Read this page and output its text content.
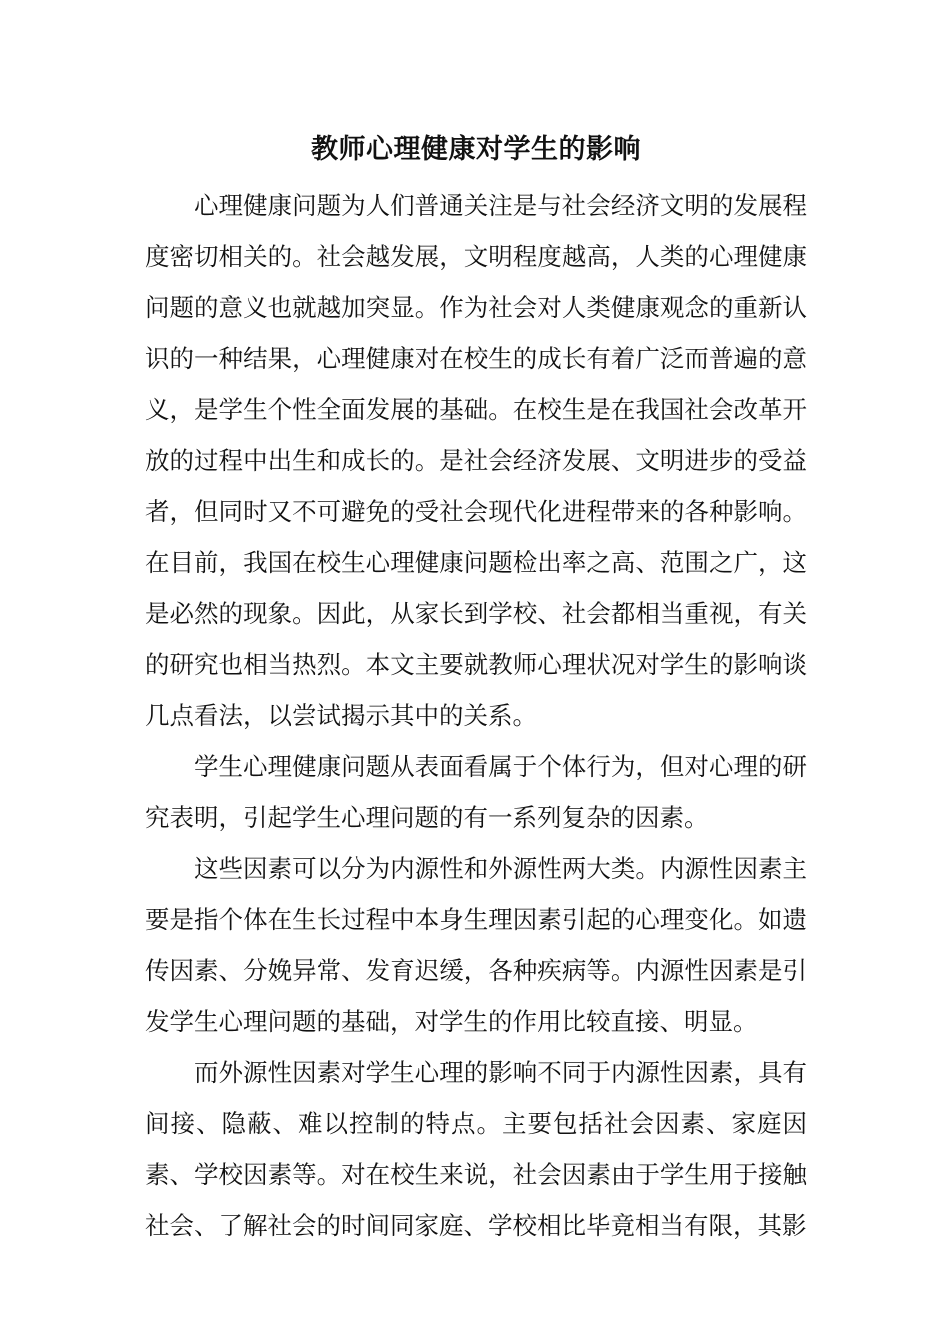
教师心理健康对学生的影响

心理健康问题为人们普通关注是与社会经济文明的发展程度密切相关的。社会越发展，文明程度越高，人类的心理健康问题的意义也就越加突显。作为社会对人类健康观念的重新认识的一种结果，心理健康对在校生的成长有着广泛而普遍的意义，是学生个性全面发展的基础。在校生是在我国社会改革开放的过程中出生和成长的。是社会经济发展、文明进步的受益者，但同时又不可避免的受社会现代化进程带来的各种影响。在目前，我国在校生心理健康问题检出率之高、范围之广，这是必然的现象。因此，从家长到学校、社会都相当重视，有关的研究也相当热烈。本文主要就教师心理状况对学生的影响谈几点看法，以尝试揭示其中的关系。

学生心理健康问题从表面看属于个体行为，但对心理的研究表明，引起学生心理问题的有一系列复杂的因素。

这些因素可以分为内源性和外源性两大类。内源性因素主要是指个体在生长过程中本身生理因素引起的心理变化。如遗传因素、分娩异常、发育迟缓，各种疾病等。内源性因素是引发学生心理问题的基础，对学生的作用比较直接、明显。

而外源性因素对学生心理的影响不同于内源性因素，具有间接、隐蔽、难以控制的特点。主要包括社会因素、家庭因素、学校因素等。对在校生来说，社会因素由于学生用于接触社会、了解社会的时间同家庭、学校相比毕竟相当有限，其影
